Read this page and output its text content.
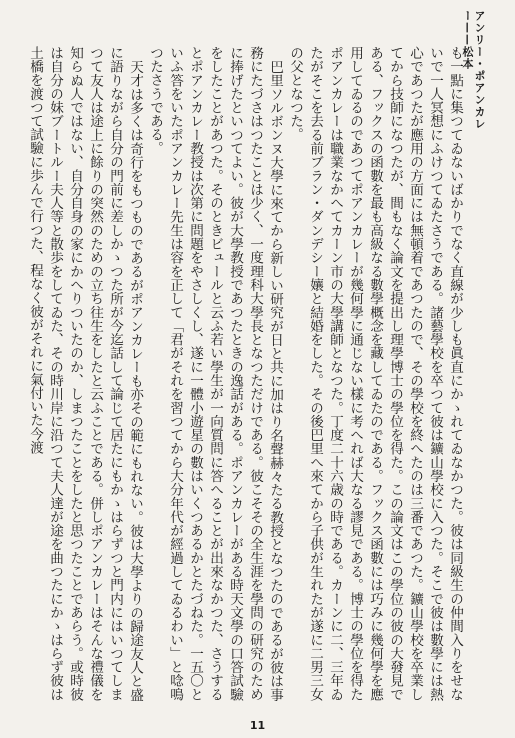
アンリー・ポアンカレー——松本

も一點に集つてゐないばかりでなく直線が少しも眞直にかゝれてゐなかつた。彼は同級生の仲間入りをせないで一人冥想にふけつてゐたさうである。諸藝學校を卒つて彼は鑛山學校に入つた。そこで彼は數學には熱心であつたが應用の方面には無頓着であつたので、その學校を終へたのは三番であつた。鑛山學校を卒業してから技師になつたが、間もなく論文を提出し理學博士の學位を得た。この論文はこの學位の彼の大發見である、フックスの函數を最も高級なる數學概念を藏してゐたのである。フックス函數には巧みに幾何學を應用してゐるのであつてポアンカレーが幾何學に通じない樣に考へれば大なる謬見である。博士の學位を得たポアンカレーは職業なかへてカーン市の大學講師となつた。丁度二十六歳の時である。カーンに二、三年ゐたがそこを去る前ブラン・ダンデシー孃と結婚をした。その後巴里へ來てから子供が生れたが遂に二男三女の父となつた。

巴里ソルボンヌ大學に來てから新しい研究が日と共に加はり名聲赫々たる教授となつたのであるが彼は事務にたづさはつたことは少く、一度理科大學長となつただけである。彼こそその全生涯を學問の研究のために捧げたといつてよい。彼が大學教授であつたときの逸話がある。ポアンカレーがある時天文學の口答試驗をしたことがあつた。そのときビュールと云ふ若い學生が一向質問に答へることが出來なかつた、さうするとポアンカレー教授は次第に問題をやさしくし、遂に一體小遊星の數はいくつあるかとたづねた。一五〇といふ答をいたポアンカレー先生は容を正して「君がそれを習つてから大分年代が經過してゐるわい」と唸鳴つたさうである。

天才は多くは奇行をもつものであるがポアンカレーも亦その範にもれない。彼は大學よりの歸途友人と盛に語りながら自分の門前に差しかゝつた所が今迄話して論じて居たにもかゝはらずつと門内にはいつてしまつて友人は途上に餘りの突然のための立ち往生をしたと云ふことである。併しポアンカレーはそんな禮儀を知らぬ人ではない、自分自身の家にかへりついたのか、しまつたことをしたと思つたことであらう。或時彼は自分の妹ブートルー夫人等と散歩をしてゐた、その時川岸に沿つて夫人達が途を曲つたにかゝはらず彼は土橋を渡つて試驗に歩んで行つた、程なく彼がそれに氣付いた今渡

11
